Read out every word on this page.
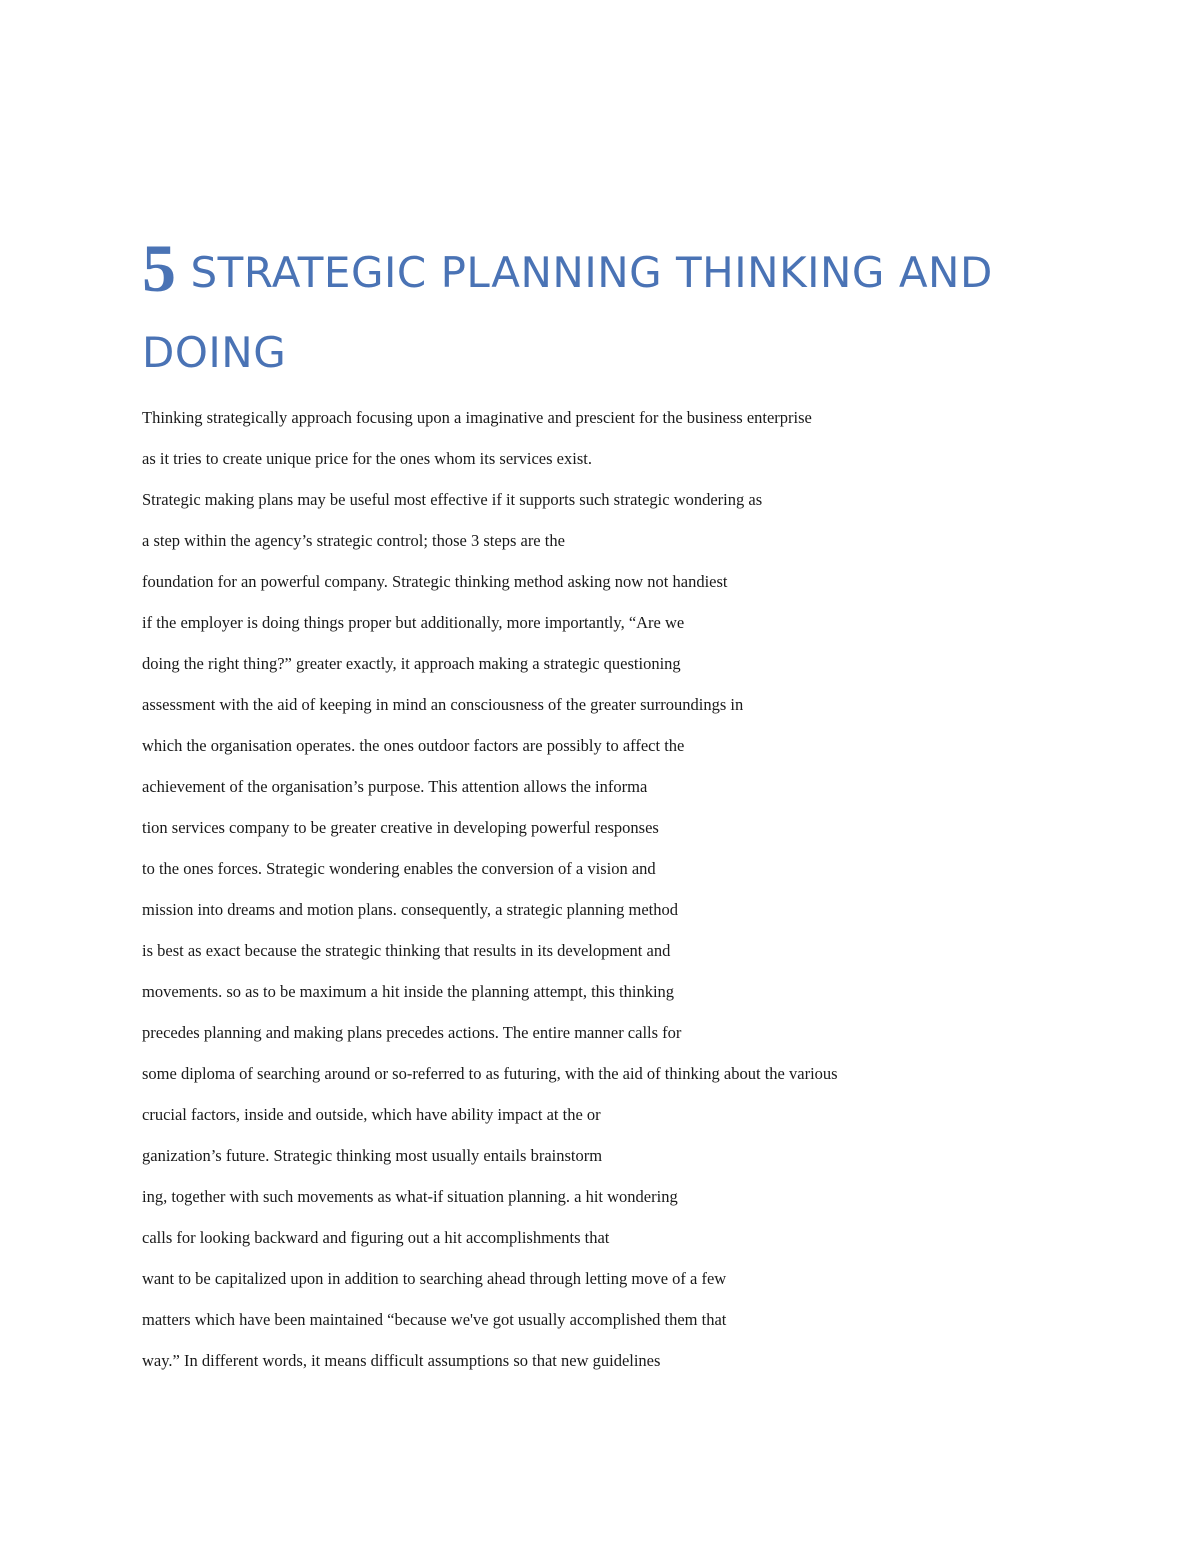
5 STRATEGIC PLANNING THINKING AND
DOING
Thinking strategically approach focusing upon a imaginative and prescient for the business enterprise
as it tries to create unique price for the ones whom its services exist.
Strategic making plans may be useful most effective if it supports such strategic wondering as
a step within the agency’s strategic control; those 3 steps are the
foundation for an powerful company. Strategic thinking method asking now not handiest
if the employer is doing things proper but additionally, more importantly, “Are we
doing the right thing?” greater exactly, it approach making a strategic questioning
assessment with the aid of keeping in mind an consciousness of the greater surroundings in
which the organisation operates. the ones outdoor factors are possibly to affect the
achievement of the organisation’s purpose. This attention allows the informa
tion services company to be greater creative in developing powerful responses
to the ones forces. Strategic wondering enables the conversion of a vision and
mission into dreams and motion plans. consequently, a strategic planning method
is best as exact because the strategic thinking that results in its development and
movements. so as to be maximum a hit inside the planning attempt, this thinking
precedes planning and making plans precedes actions. The entire manner calls for
some diploma of searching around or so-referred to as futuring, with the aid of thinking about the various
crucial factors, inside and outside, which have ability impact at the or
ganization’s future. Strategic thinking most usually entails brainstorm
ing, together with such movements as what-if situation planning. a hit wondering
calls for looking backward and figuring out a hit accomplishments that
want to be capitalized upon in addition to searching ahead through letting move of a few
matters which have been maintained “because we've got usually accomplished them that
way.” In different words, it means difficult assumptions so that new guidelines
